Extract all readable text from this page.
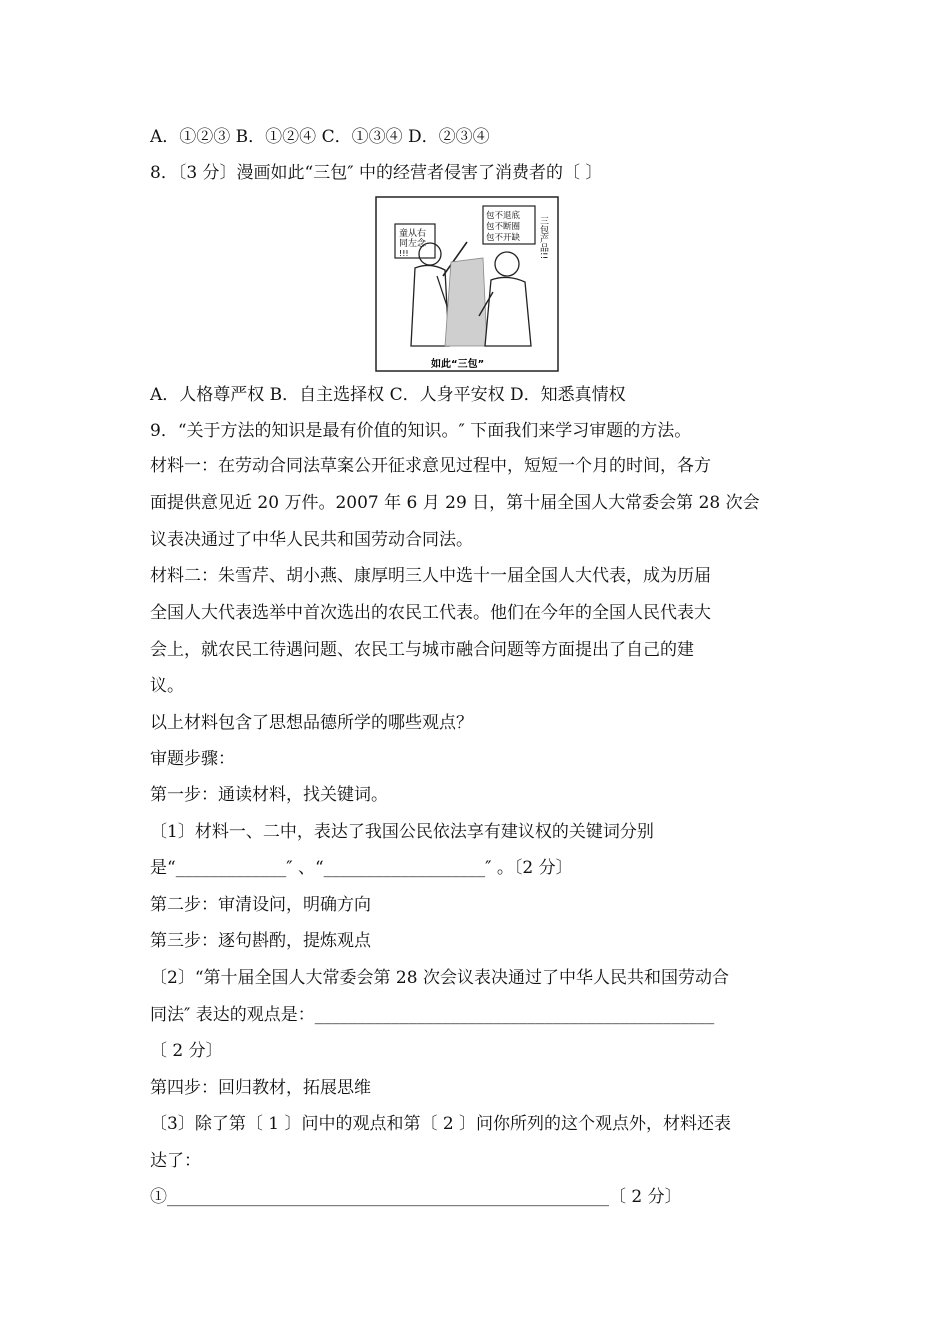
A．①②③ B．①②④ C．①③④ D．②③④
8．〔3 分〕漫画如此“三包″ 中的经营者侵害了消费者的〔 〕
童从右
同左念
!!!
包不退底
包不断圈
包不开缺 三包产品!!
如此“三包”
A．人格尊严权 B．自主选择权 C．人身平安权 D．知悉真情权
9．“关于方法的知识是最有价值的知识。″ 下面我们来学习审题的方法。
材料一：在劳动合同法草案公开征求意见过程中，短短一个月的时间，各方
面提供意见近 20 万件。2007 年 6 月 29 日，第十届全国人大常委会第 28 次会
议表决通过了中华人民共和国劳动合同法。
材料二：朱雪芹、胡小燕、康厚明三人中选十一届全国人大代表，成为历届
全国人大代表选举中首次选出的农民工代表。他们在今年的全国人民代表大
会上，就农民工待遇问题、农民工与城市融合问题等方面提出了自己的建
议。
以上材料包含了思想品德所学的哪些观点？
审题步骤：
第一步：通读材料，找关键词。
〔1〕材料一、二中，表达了我国公民依法享有建议权的关键词分别
是“_____________″ 、“___________________″ 。〔2 分〕
第二步：审清设问，明确方向
第三步：逐句斟酌，提炼观点
〔2〕“第十届全国人大常委会第 28 次会议表决通过了中华人民共和国劳动合
同法″ 表达的观点是：_______________________________________________
〔 2 分〕
第四步：回归教材，拓展思维
〔3〕除了第〔 1 〕问中的观点和第〔 2 〕问你所列的这个观点外，材料还表
达了：
①____________________________________________________〔 2 分〕
